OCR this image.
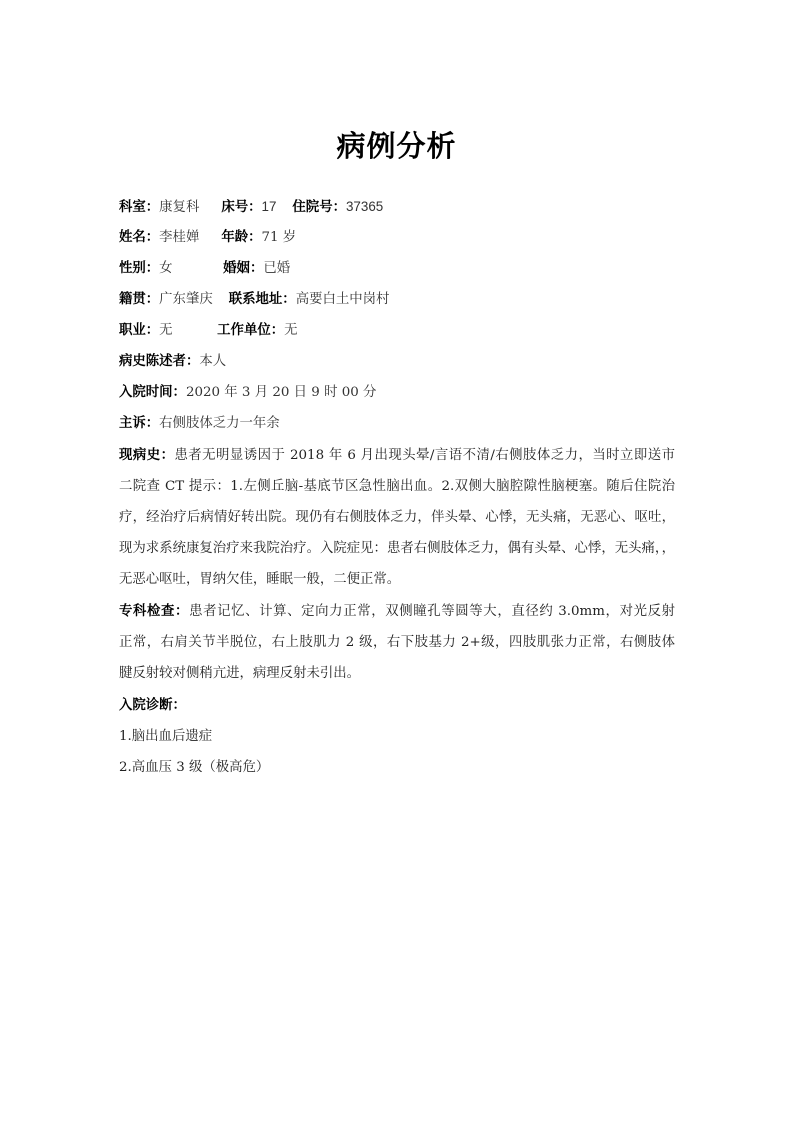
病例分析
科室：康复科 床号：17 住院号：37365
姓名：李桂婵 年龄：71 岁
性别：女	婚姻：已婚
籍贯：广东肇庆 联系地址：高要白土中岗村
职业：无	工作单位：无
病史陈述者：本人
入院时间：2020 年 3 月 20 日 9 时 00 分
主诉：右侧肢体乏力一年余
现病史：患者无明显诱因于 2018 年 6 月出现头晕/言语不清/右侧肢体乏力，当时立即送市
二院查 CT 提示：1.左侧丘脑-基底节区急性脑出血。2.双侧大脑腔隙性脑梗塞。随后住院治
疗，经治疗后病情好转出院。现仍有右侧肢体乏力，伴头晕、心悸，无头痛，无恶心、呕吐，
现为求系统康复治疗来我院治疗。入院症见：患者右侧肢体乏力，偶有头晕、心悸，无头痛，，
无恶心呕吐，胃纳欠佳，睡眠一般，二便正常。
专科检查：患者记忆、计算、定向力正常，双侧瞳孔等圆等大，直径约 3.0mm，对光反射
正常，右肩关节半脱位，右上肢肌力 2 级，右下肢基力 2+级，四肢肌张力正常，右侧肢体
腱反射较对侧稍亢进，病理反射未引出。
入院诊断：
1.脑出血后遗症
2.高血压 3 级（极高危）
